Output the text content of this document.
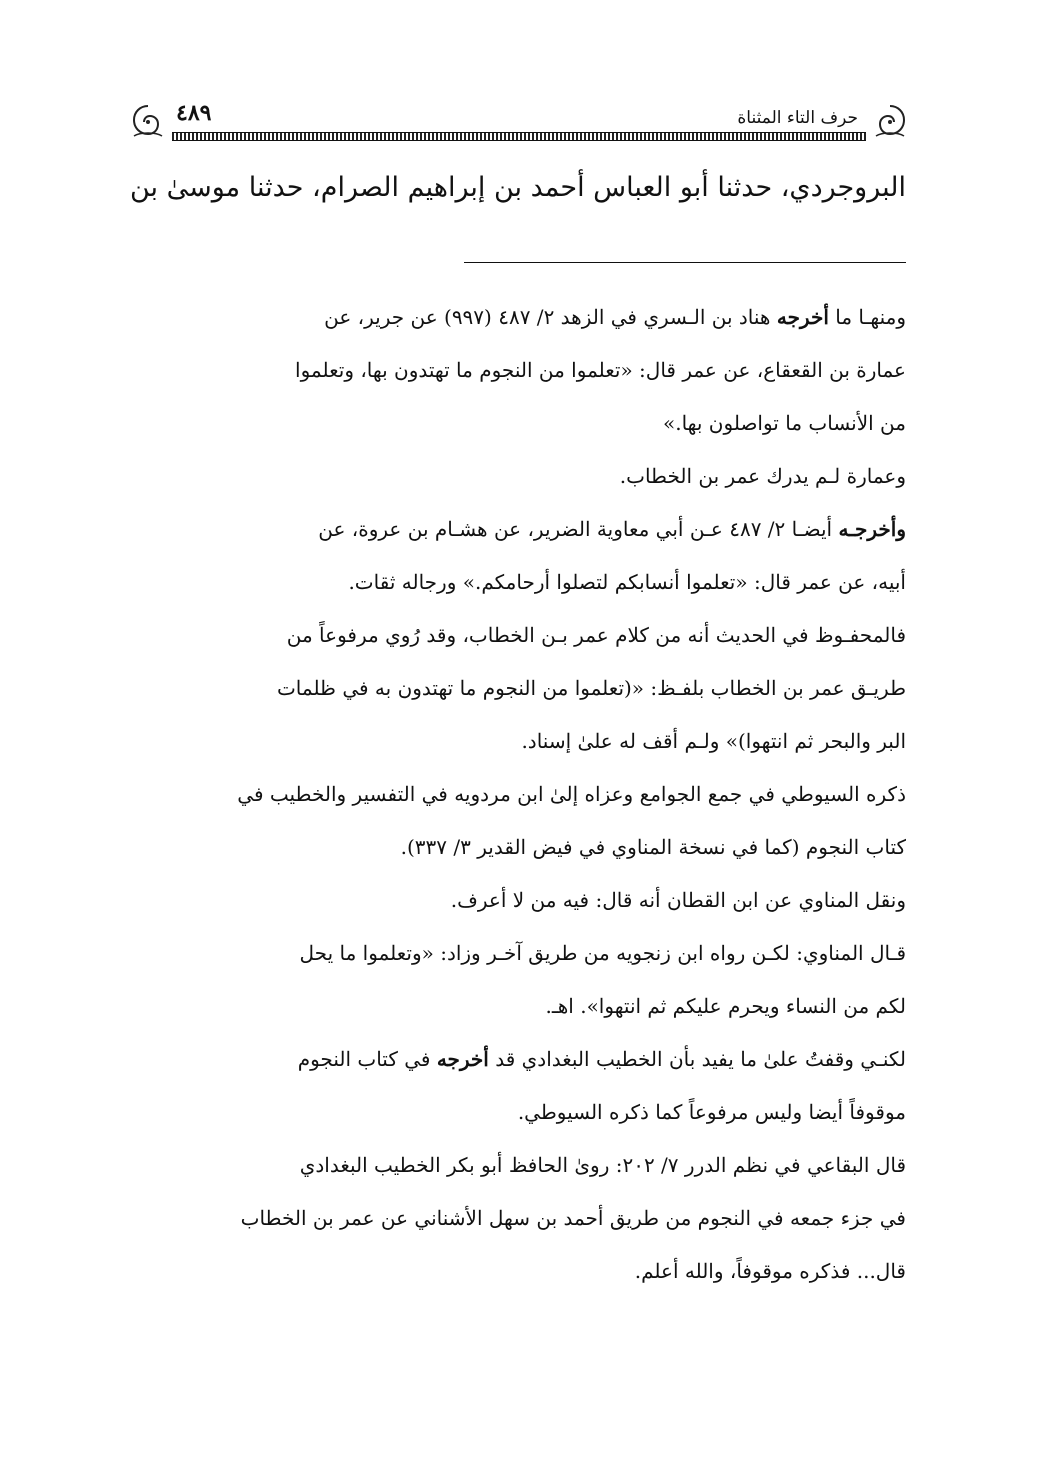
حرف التاء المثناة
٤٨٩
البروجردي، حدثنا أبو العباس أحمد بن إبراهيم الصرام، حدثنا موسىٰ بن
ومنهـا ما أخرجه هناد بن الـسري في الزهد ٢/ ٤٨٧ (٩٩٧) عن جرير، عن
عمارة بن القعقاع، عن عمر قال: «تعلموا من النجوم ما تهتدون بها، وتعلموا
من الأنساب ما تواصلون بها.»
وعمارة لـم يدرك عمر بن الخطاب.
وأخرجـه أيضـا ٢/ ٤٨٧ عـن أبي معاوية الضرير، عن هشـام بن عروة، عن
أبيه، عن عمر قال: «تعلموا أنسابكم لتصلوا أرحامكم.» ورجاله ثقات.
فالمحفـوظ في الحديث أنه من كلام عمر بـن الخطاب، وقد رُوي مرفوعاً من
طريـق عمر بن الخطاب بلفـظ: «(تعلموا من النجوم ما تهتدون به في ظلمات
البر والبحر ثم انتهوا)» ولـم أقف له علىٰ إسناد.
ذكره السيوطي في جمع الجوامع وعزاه إلىٰ ابن مردويه في التفسير والخطيب في
كتاب النجوم (كما في نسخة المناوي في فيض القدير ٣/ ٣٣٧).
ونقل المناوي عن ابن القطان أنه قال: فيه من لا أعرف.
قـال المناوي: لكـن رواه ابن زنجويه من طريق آخـر وزاد: «وتعلموا ما يحل
لكم من النساء ويحرم عليكم ثم انتهوا». اهـ.
لكنـي وقفتُ علىٰ ما يفيد بأن الخطيب البغدادي قد أخرجه في كتاب النجوم
موقوفاً أيضا وليس مرفوعاً كما ذكره السيوطي.
قال البقاعي في نظم الدرر ٧/ ٢٠٢: روىٰ الحافظ أبو بكر الخطيب البغدادي
في جزء جمعه في النجوم من طريق أحمد بن سهل الأشناني عن عمر بن الخطاب
قال... فذكره موقوفاً، والله أعلم.
